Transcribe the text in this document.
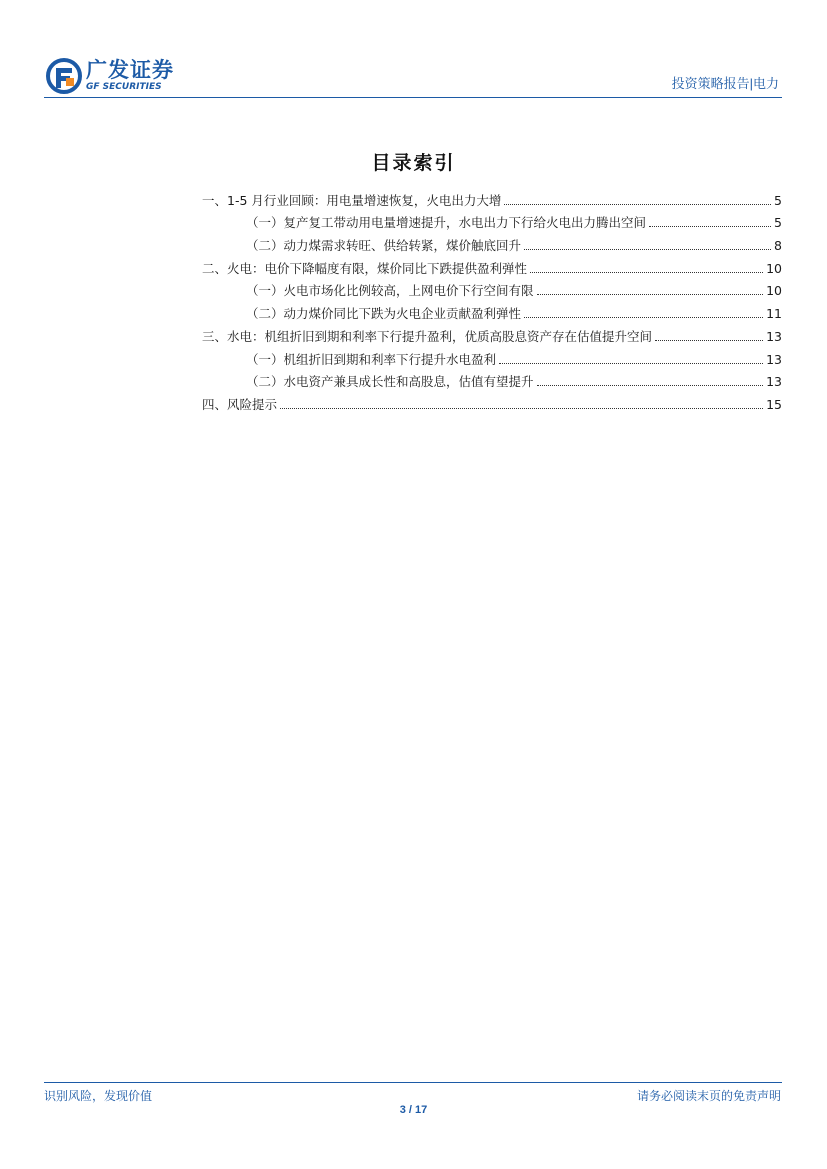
广发证券
GF SECURITIES	投资策略报告|电力
目录索引
一、1-5 月行业回顾：用电量增速恢复，火电出力大增	5
（一）复产复工带动用电量增速提升，水电出力下行给火电出力腾出空间	5
（二）动力煤需求转旺、供给转紧，煤价触底回升	8
二、火电：电价下降幅度有限，煤价同比下跌提供盈利弹性	10
（一）火电市场化比例较高，上网电价下行空间有限	10
（二）动力煤价同比下跌为火电企业贡献盈利弹性	11
三、水电：机组折旧到期和利率下行提升盈利，优质高股息资产存在估值提升空间	13
（一）机组折旧到期和利率下行提升水电盈利	13
（二）水电资产兼具成长性和高股息，估值有望提升	13
四、风险提示	15
识别风险，发现价值	请务必阅读末页的免责声明
3 / 17
